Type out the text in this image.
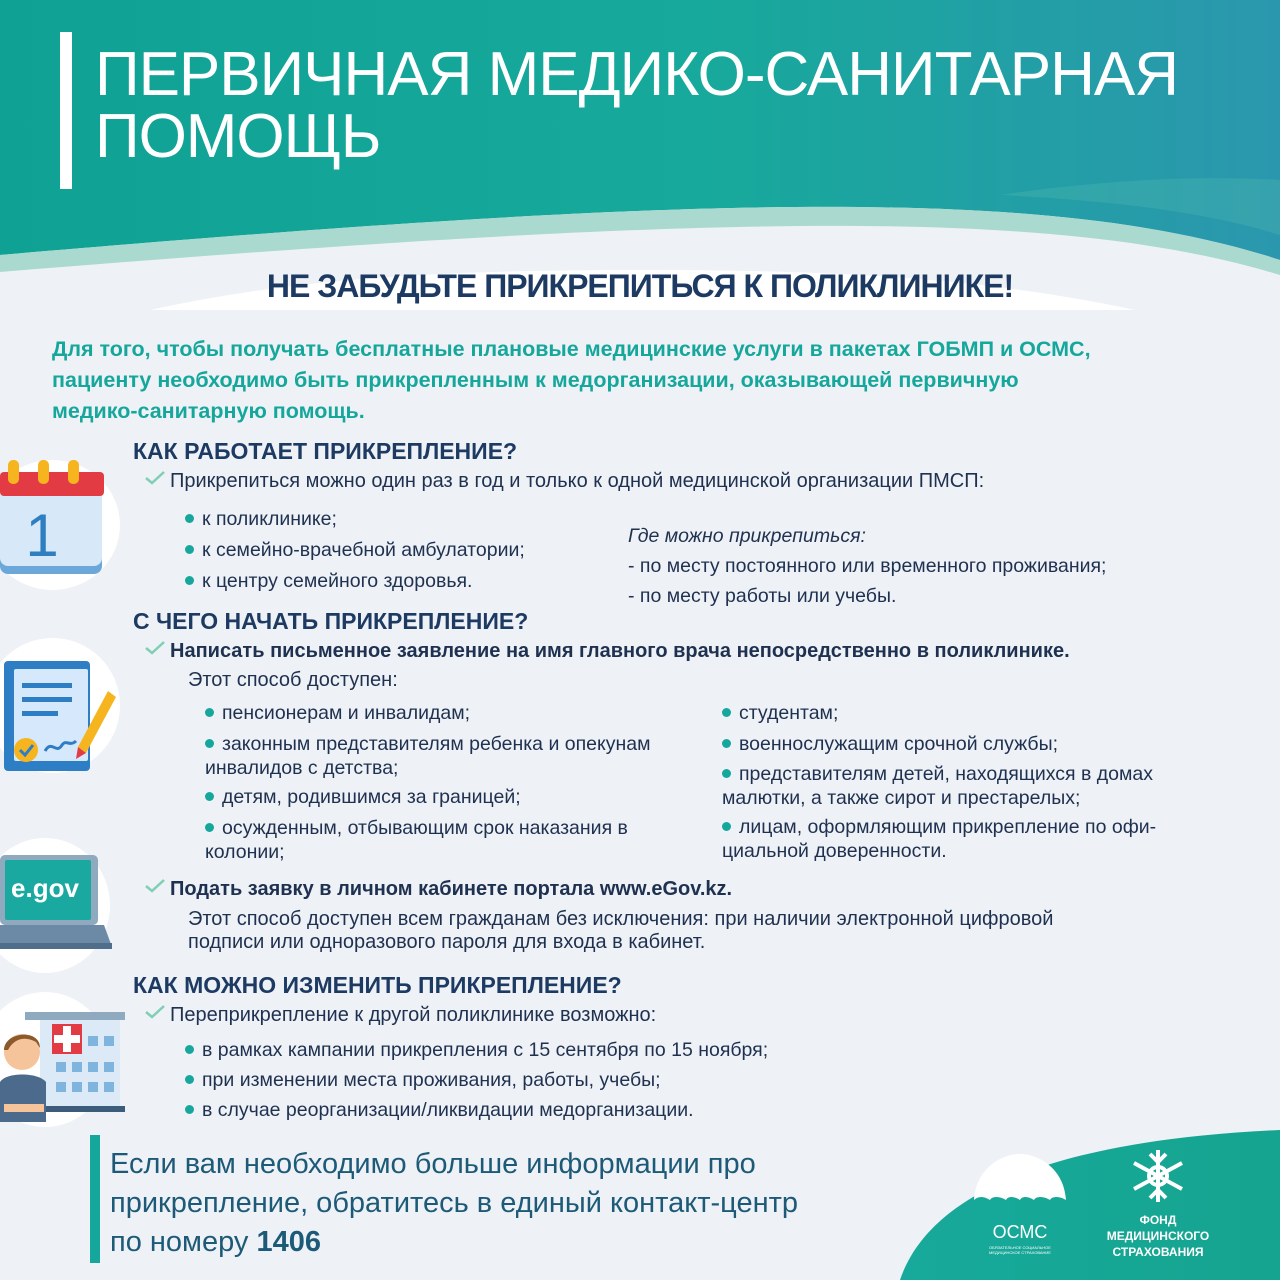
ПЕРВИЧНАЯ МЕДИКО-САНИТАРНАЯ
ПОМОЩЬ
НЕ ЗАБУДЬТЕ ПРИКРЕПИТЬСЯ К ПОЛИКЛИНИКЕ!
Для того, чтобы получать бесплатные плановые медицинские услуги в пакетах ГОБМП и ОСМС,
пациенту необходимо быть прикрепленным к медорганизации, оказывающей первичную
медико-санитарную помощь.
1
КАК РАБОТАЕТ ПРИКРЕПЛЕНИЕ?
Прикрепиться можно один раз в год и только к одной медицинской организации ПМСП:
к поликлинике;
к семейно-врачебной амбулатории;
к центру семейного здоровья.
Где можно прикрепиться:
- по месту постоянного или временного проживания;
- по месту работы или учебы.
С ЧЕГО НАЧАТЬ ПРИКРЕПЛЕНИЕ?
Написать письменное заявление на имя главного врача непосредственно в поликлинике.
Этот способ доступен:
пенсионерам и инвалидам;
законным представителям ребенка и опекунам
инвалидов с детства;
детям, родившимся за границей;
осужденным, отбывающим срок наказания в
колонии;
студентам;
военнослужащим срочной службы;
представителям детей, находящихся в домах
малютки, а также сирот и престарелых;
лицам, оформляющим прикрепление по офи-
циальной доверенности.
e.gov	Подать заявку в личном кабинете портала www.eGov.kz.
Этот способ доступен всем гражданам без исключения: при наличии электронной цифровой
подписи или одноразового пароля для входа в кабинет.
КАК МОЖНО ИЗМЕНИТЬ ПРИКРЕПЛЕНИЕ?
Переприкрепление к другой поликлинике возможно:
в рамках кампании прикрепления с 15 сентября по 15 ноября;
при изменении места проживания, работы, учебы;
в случае реорганизации/ликвидации медорганизации.
Если вам необходимо больше информации про
прикрепление, обратитесь в единый контакт-центр
по номеру 1406	ОСМС
ОБЯЗАТЕЛЬНОЕ СОЦИАЛЬНОЕ МЕДИЦИНСКОЕ СТРАХОВАНИЕ
ФОНД
МЕДИЦИНСКОГО
СТРАХОВАНИЯ
